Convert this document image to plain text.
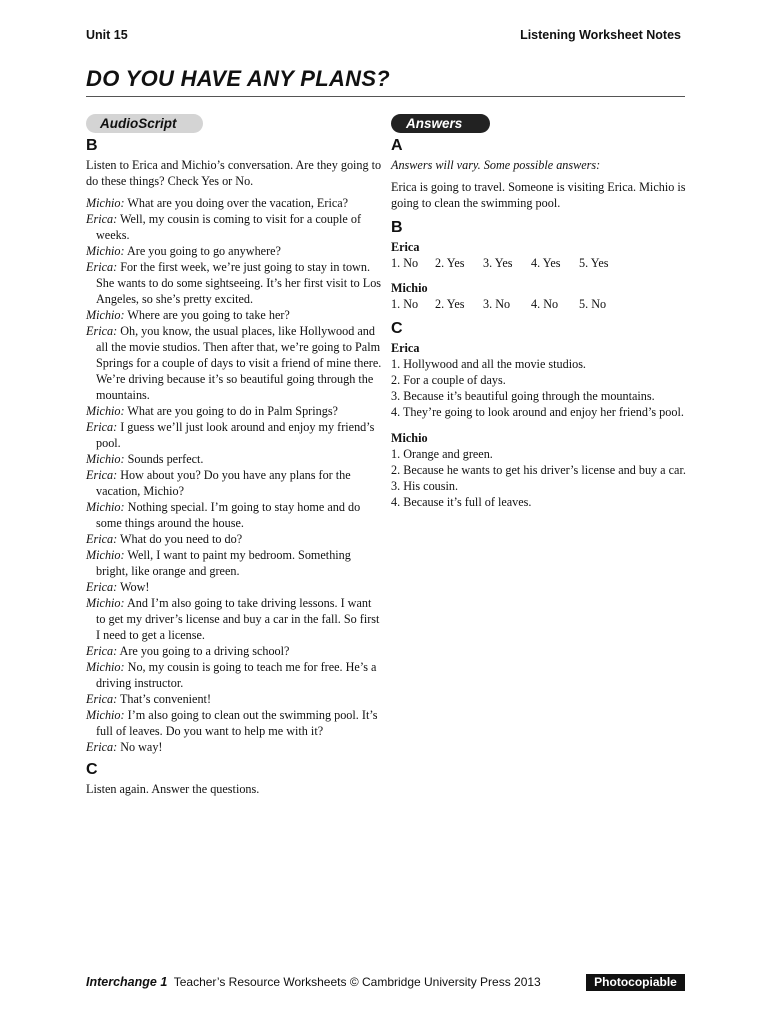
Unit 15	Listening Worksheet Notes
DO YOU HAVE ANY PLANS?
AudioScript	Answers
B

Listen to Erica and Michio’s conversation. Are they going to do these things? Check Yes or No.

Michio: What are you doing over the vacation, Erica?

Erica: Well, my cousin is coming to visit for a couple of weeks.

Michio: Are you going to go anywhere?

Erica: For the first week, we’re just going to stay in town. She wants to do some sightseeing. It’s her first visit to Los Angeles, so she’s pretty excited.

Michio: Where are you going to take her?

Erica: Oh, you know, the usual places, like Hollywood and all the movie studios. Then after that, we’re going to Palm Springs for a couple of days to visit a friend of mine there. We’re driving because it’s so beautiful going through the mountains.

Michio: What are you going to do in Palm Springs?

Erica: I guess we’ll just look around and enjoy my friend’s pool.

Michio: Sounds perfect.

Erica: How about you? Do you have any plans for the vacation, Michio?

Michio: Nothing special. I’m going to stay home and do some things around the house.

Erica: What do you need to do?

Michio: Well, I want to paint my bedroom. Something bright, like orange and green.

Erica: Wow!

Michio: And I’m also going to take driving lessons. I want to get my driver’s license and buy a car in the fall. So first I need to get a license.

Erica: Are you going to a driving school?

Michio: No, my cousin is going to teach me for free. He’s a driving instructor.

Erica: That’s convenient!

Michio: I’m also going to clean out the swimming pool. It’s full of leaves. Do you want to help me with it?

Erica: No way!

C

Listen again. Answer the questions.

A

Answers will vary. Some possible answers:

Erica is going to travel. Someone is visiting Erica. Michio is going to clean the swimming pool.

B

Erica

1. No	2. Yes	3. Yes	4. Yes	5. Yes

Michio

1. No	2. Yes	3. No	4. No	5. No
C

Erica

1. Hollywood and all the movie studios.

2. For a couple of days.

3. Because it’s beautiful going through the mountains.

4. They’re going to look around and enjoy her friend’s pool.

Michio

1. Orange and green.

2. Because he wants to get his driver’s license and buy a car.

3. His cousin.

4. Because it’s full of leaves.

Interchange 1 Teacher’s Resource Worksheets © Cambridge University Press 2013	Photocopiable
